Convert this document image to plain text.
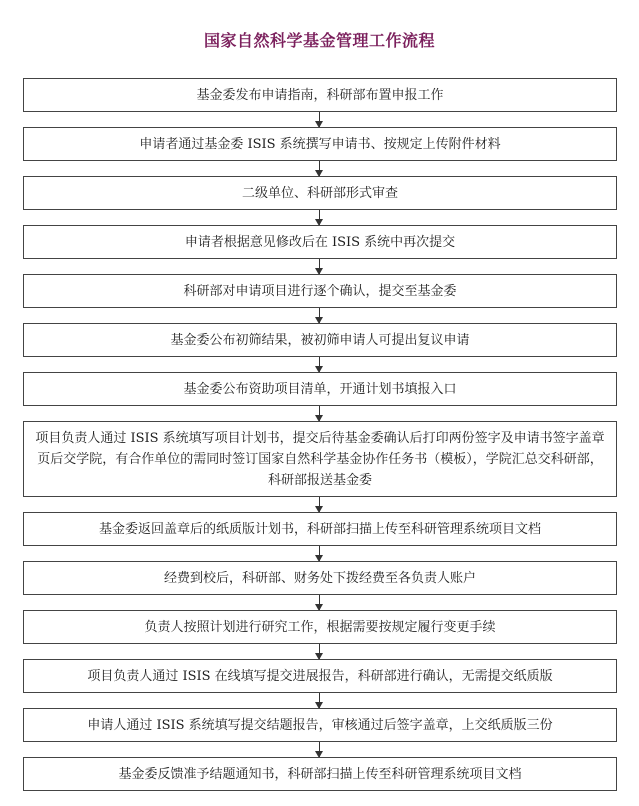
国家自然科学基金管理工作流程
基金委发布申请指南，科研部布置申报工作
申请者通过基金委 ISIS 系统撰写申请书、按规定上传附件材料
二级单位、科研部形式审查
申请者根据意见修改后在 ISIS 系统中再次提交
科研部对申请项目进行逐个确认，提交至基金委
基金委公布初筛结果，被初筛申请人可提出复议申请
基金委公布资助项目清单，开通计划书填报入口
项目负责人通过 ISIS 系统填写项目计划书，提交后待基金委确认后打印两份签字及申请书签字盖章页后交学院，有合作单位的需同时签订国家自然科学基金协作任务书（模板），学院汇总交科研部，科研部报送基金委
基金委返回盖章后的纸质版计划书，科研部扫描上传至科研管理系统项目文档
经费到校后，科研部、财务处下拨经费至各负责人账户
负责人按照计划进行研究工作，根据需要按规定履行变更手续
项目负责人通过 ISIS 在线填写提交进展报告，科研部进行确认，无需提交纸质版
申请人通过 ISIS 系统填写提交结题报告，审核通过后签字盖章，上交纸质版三份
基金委反馈准予结题通知书，科研部扫描上传至科研管理系统项目文档
